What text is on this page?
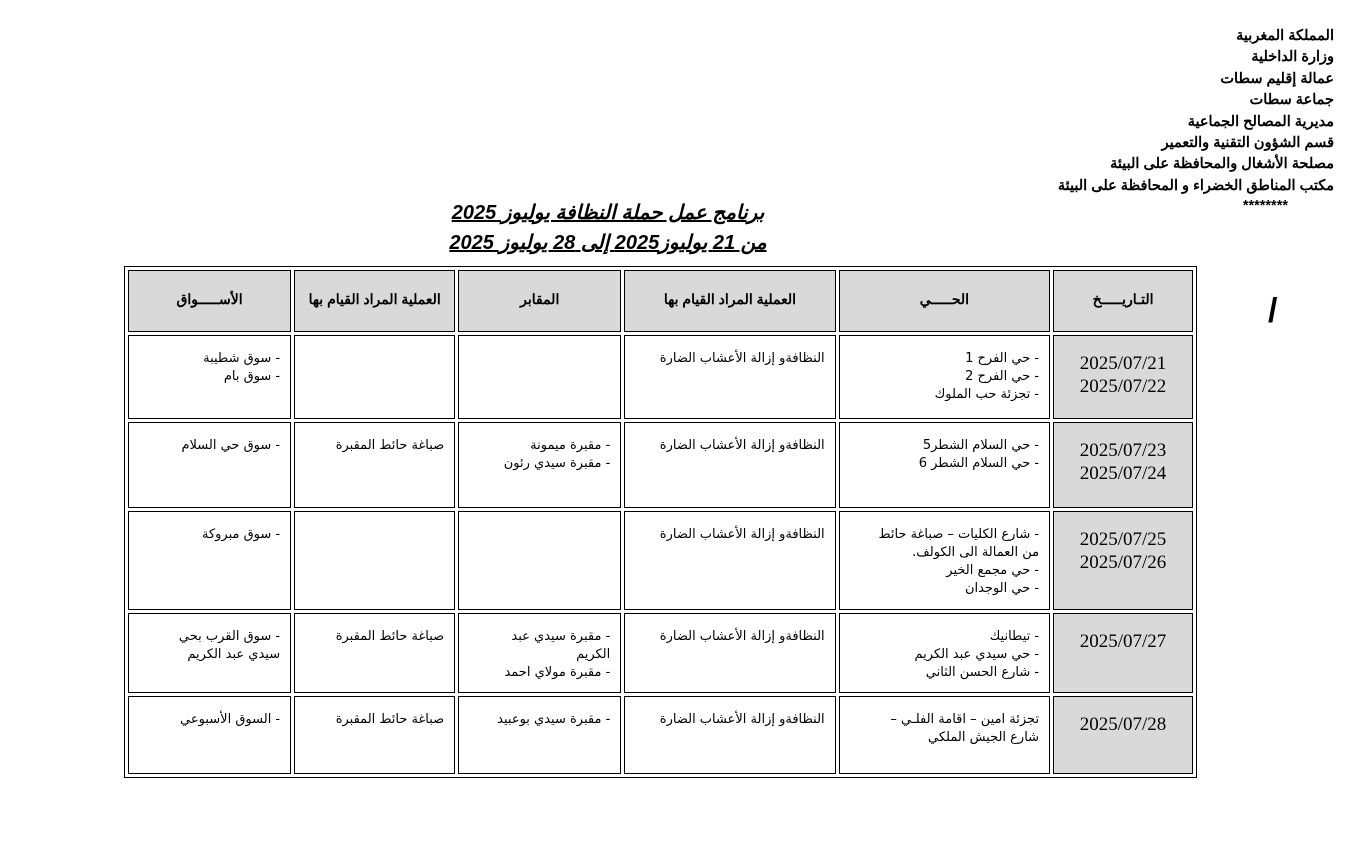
المملكة المغربية
وزارة الداخلية
عمالة إقليم سطات
جماعة سطات
مديرية المصالح الجماعية
قسم الشؤون التقنية والتعمير
مصلحة الأشغال والمحافظة على البيئة
مكتب المناطق الخضراء و المحافظة على البيئة
********
برنامج عمل حملة النظافة يوليوز 2025
من 21 يوليوز2025 إلى 28 يوليوز 2025
/
التـاريـــــخ	الحـــــي	العملية المراد القيام بها	المقابر	العملية المراد القيام بها	الأســـــواق

2025/07/21
2025/07/22	- حي الفرح 1
- حي الفرح 2
- تجزئة حب الملوك	النظافةو إزالة الأعشاب الضارة			- سوق شطيبة
- سوق بام

2025/07/23
2025/07/24	- حي السلام الشطر5
- حي السلام الشطر 6	النظافةو إزالة الأعشاب الضارة	- مقبرة ميمونة
- مقبرة سيدي رئون	صباغة حائط المقبرة	- سوق حي السلام

2025/07/25
2025/07/26	- شارع الكليات – صباغة حائط
من العمالة الى الكولف.
- حي مجمع الخير
- حي الوجدان	النظافةو إزالة الأعشاب الضارة			- سوق مبروكة

2025/07/27	- تيطانيك
- حي سيدي عبد الكريم
- شارع الحسن الثاني	النظافةو إزالة الأعشاب الضارة	- مقبرة سيدي عبد
الكريم
- مقبرة مولاي احمد	صباغة حائط المقبرة	- سوق القرب بحي
سيدي عبد الكريم

2025/07/28	تجزئة امين – اقامة الفلـي –
شارع الجيش الملكي	النظافةو إزالة الأعشاب الضارة	- مقبرة سيدي بوعبيد	صباغة حائط المقبرة	- السوق الأسبوعي
